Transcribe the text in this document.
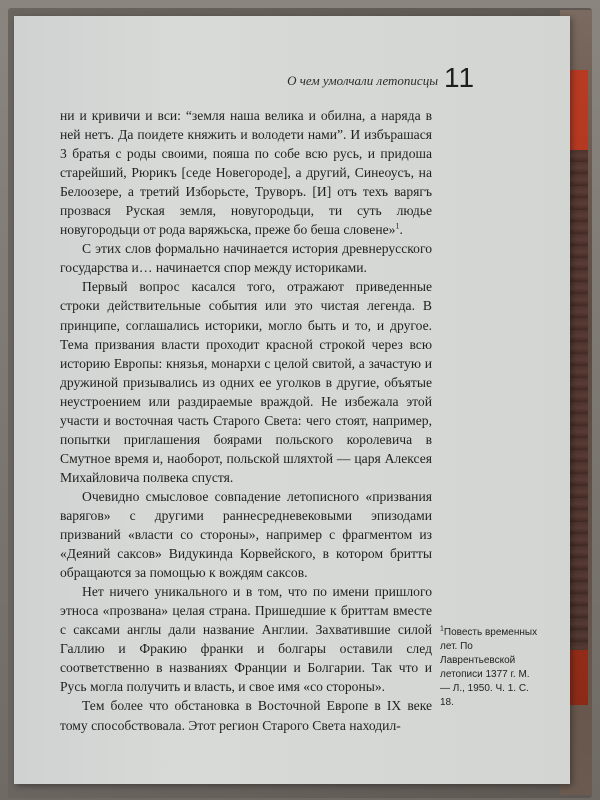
О чем умолчали летописцы 11

ни и кривичи и вси: “земля наша велика и обилна, а наряда в ней нетъ. Да поидете княжить и володети нами”. И избърашася 3 братья с роды своими, пояша по собе всю русь, и придоша старейший, Рюрикъ [седе Новегороде], а другий, Синеоусъ, на Белоозере, а третий Изборьсте, Труворъ. [И] отъ техъ варягъ прозвася Руская земля, новугородьци, ти суть людье новугородьци от рода варяжьска, преже бо беша словене»$^1$.

С этих слов формально начинается история древнерусского государства и… начинается спор между историками.

Первый вопрос касался того, отражают приведенные строки действительные события или это чистая легенда. В принципе, соглашались историки, могло быть и то, и другое. Тема призвания власти проходит красной строкой через всю историю Европы: князья, монархи с целой свитой, а зачастую и дружиной призывались из одних ее уголков в другие, объятые неустроением или раздираемые враждой. Не избежала этой участи и восточная часть Старого Света: чего стоят, например, попытки приглашения боярами польского королевича в Смутное время и, наоборот, польской шляхтой — царя Алексея Михайловича полвека спустя.

Очевидно смысловое совпадение летописного «призвания варягов» с другими раннесредневековыми эпизодами призваний «власти со стороны», например с фрагментом из «Деяний саксов» Видукинда Корвейского, в котором бритты обращаются за помощью к вождям саксов.

Нет ничего уникального и в том, что по имени пришлого этноса «прозвана» целая страна. Пришедшие к бриттам вместе с саксами англы дали название Англии. Захватившие силой Галлию и Фракию франки и болгары оставили след соответственно в названиях Франции и Болгарии. Так что и Русь могла получить и власть, и свое имя «со стороны».

Тем более что обстановка в Восточной Европе в IX веке тому способствовала. Этот регион Старого Света находил-

$^1$Повесть временных лет. По Лаврентьевской летописи 1377 г. М. — Л., 1950. Ч. 1. С. 18.
